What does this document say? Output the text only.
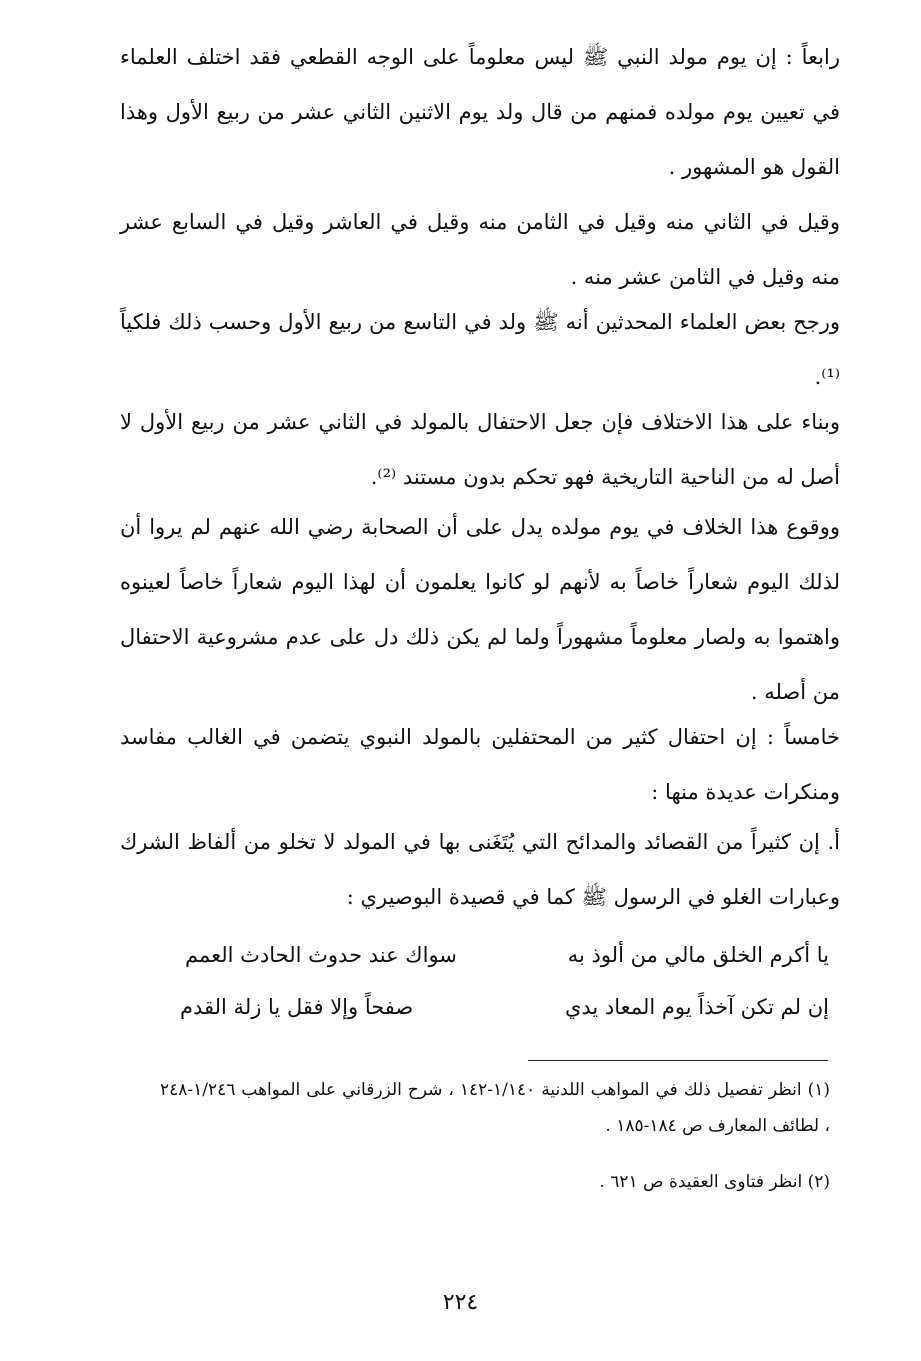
رابعاً : إن يوم مولد النبي ﷺ ليس معلوماً على الوجه القطعي فقد اختلف العلماء في تعيين يوم مولده فمنهم من قال ولد يوم الاثنين الثاني عشر من ربيع الأول وهذا القول هو المشهور .

وقيل في الثاني منه وقيل في الثامن منه وقيل في العاشر وقيل في السابع عشر منه وقيل في الثامن عشر منه .

ورجح بعض العلماء المحدثين أنه ﷺ ولد في التاسع من ربيع الأول وحسب ذلك فلكياً ⁽¹⁾.

وبناء على هذا الاختلاف فإن جعل الاحتفال بالمولد في الثاني عشر من ربيع الأول لا أصل له من الناحية التاريخية فهو تحكم بدون مستند ⁽²⁾.

ووقوع هذا الخلاف في يوم مولده يدل على أن الصحابة رضي الله عنهم لم يروا أن لذلك اليوم شعاراً خاصاً به لأنهم لو كانوا يعلمون أن لهذا اليوم شعاراً خاصاً لعينوه واهتموا به ولصار معلوماً مشهوراً ولما لم يكن ذلك دل على عدم مشروعية الاحتفال من أصله .

خامساً : إن احتفال كثير من المحتفلين بالمولد النبوي يتضمن في الغالب مفاسد ومنكرات عديدة منها :

أ. إن كثيراً من القصائد والمدائح التي يُتَغَنى بها في المولد لا تخلو من ألفاظ الشرك وعبارات الغلو في الرسول ﷺ كما في قصيدة البوصيري :

يا أكرم الخلق مالي من ألوذ به
سواك عند حدوث الحادث العمم
إن لم تكن آخذاً يوم المعاد يدي
صفحاً وإلا فقل يا زلة القدم

(١) انظر تفصيل ذلك في المواهب اللدنية ١/١٤٠-١٤٢ ، شرح الزرقاني على المواهب ١/٢٤٦-٢٤٨ ، لطائف المعارف ص ١٨٤-١٨٥ .

(٢) انظر فتاوى العقيدة ص ٦٢١ .

٢٢٤
